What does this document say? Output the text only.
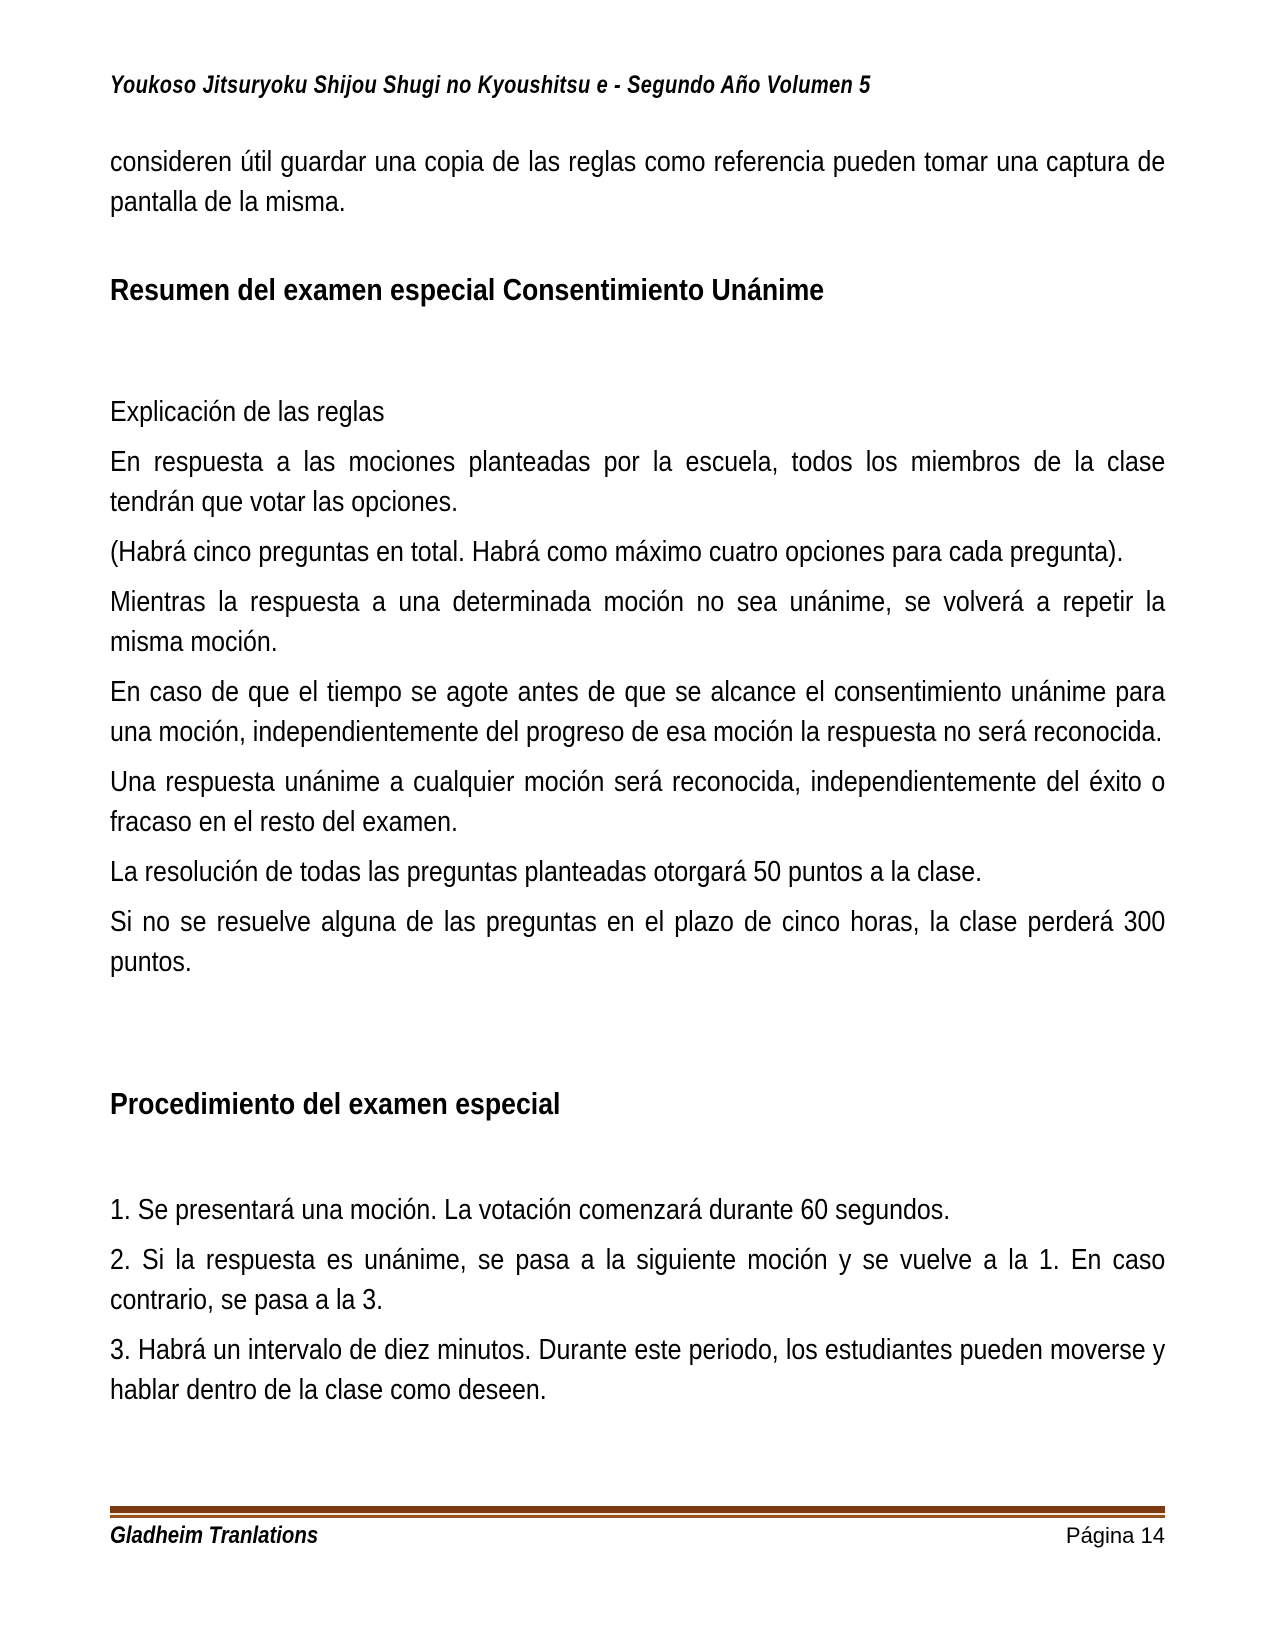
Youkoso Jitsuryoku Shijou Shugi no Kyoushitsu e - Segundo Año Volumen 5

consideren útil guardar una copia de las reglas como referencia pueden tomar una captura de pantalla de la misma.

Resumen del examen especial Consentimiento Unánime

Explicación de las reglas

En respuesta a las mociones planteadas por la escuela, todos los miembros de la clase tendrán que votar las opciones.

(Habrá cinco preguntas en total. Habrá como máximo cuatro opciones para cada pregunta).

Mientras la respuesta a una determinada moción no sea unánime, se volverá a repetir la misma moción.

En caso de que el tiempo se agote antes de que se alcance el consentimiento unánime para una moción, independientemente del progreso de esa moción la respuesta no será reconocida.

Una respuesta unánime a cualquier moción será reconocida, independientemente del éxito o fracaso en el resto del examen.

La resolución de todas las preguntas planteadas otorgará 50 puntos a la clase.

Si no se resuelve alguna de las preguntas en el plazo de cinco horas, la clase perderá 300 puntos.

Procedimiento del examen especial

1. Se presentará una moción. La votación comenzará durante 60 segundos.

2. Si la respuesta es unánime, se pasa a la siguiente moción y se vuelve a la 1. En caso contrario, se pasa a la 3.

3. Habrá un intervalo de diez minutos. Durante este periodo, los estudiantes pueden moverse y hablar dentro de la clase como deseen.

Gladheim Tranlations	Página 14
